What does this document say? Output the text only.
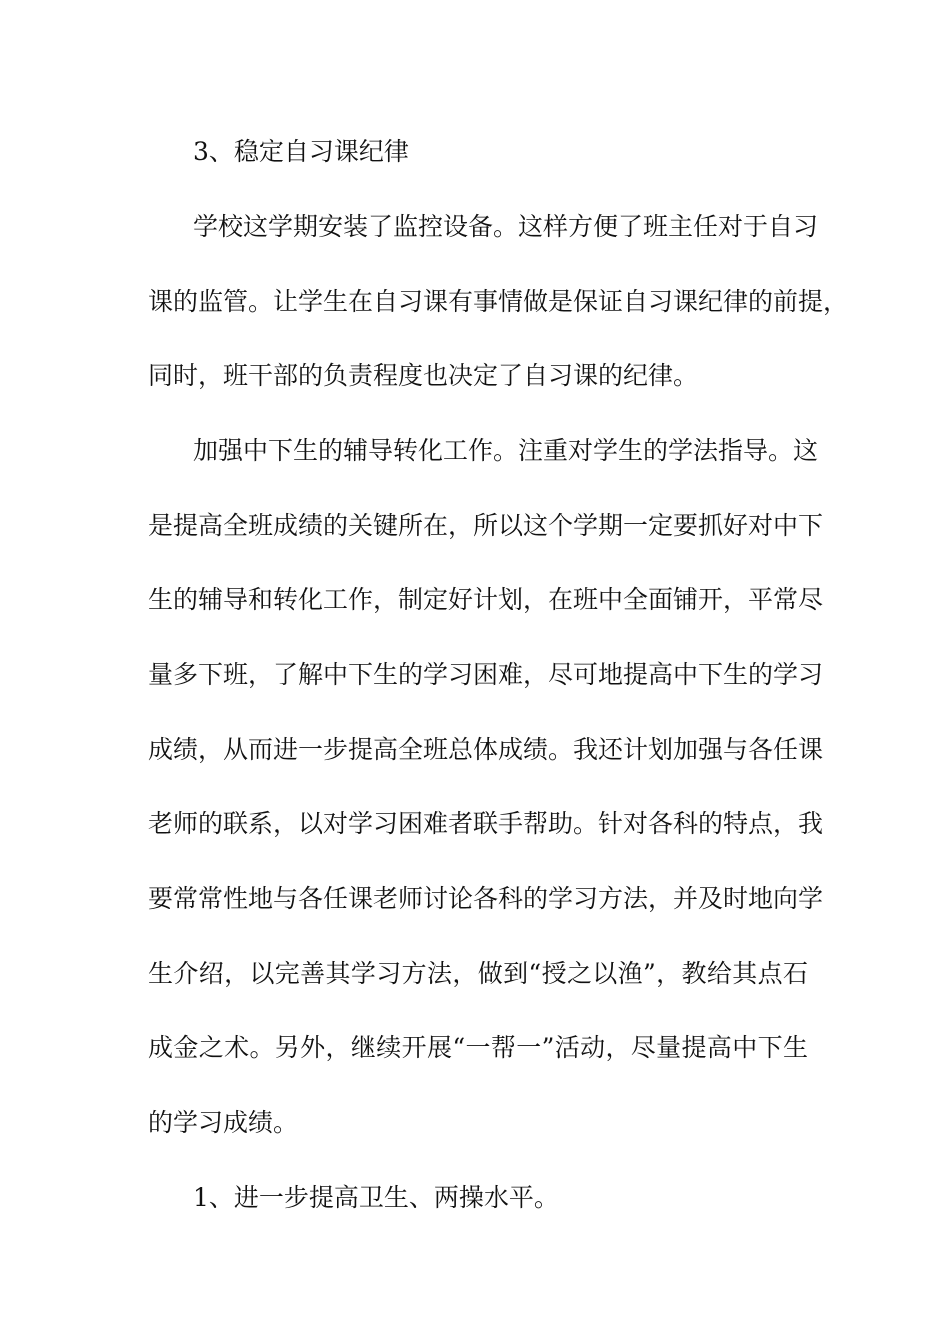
3、稳定自习课纪律
学校这学期安装了监控设备。这样方便了班主任对于自习
课的监管。让学生在自习课有事情做是保证自习课纪律的前提，
同时，班干部的负责程度也决定了自习课的纪律。
加强中下生的辅导转化工作。注重对学生的学法指导。这
是提高全班成绩的关键所在，所以这个学期一定要抓好对中下
生的辅导和转化工作，制定好计划，在班中全面铺开，平常尽
量多下班，了解中下生的学习困难，尽可地提高中下生的学习
成绩，从而进一步提高全班总体成绩。我还计划加强与各任课
老师的联系，以对学习困难者联手帮助。针对各科的特点，我
要常常性地与各任课老师讨论各科的学习方法，并及时地向学
生介绍，以完善其学习方法，做到“授之以渔”，教给其点石
成金之术。另外，继续开展“一帮一”活动，尽量提高中下生
的学习成绩。
1、进一步提高卫生、两操水平。
